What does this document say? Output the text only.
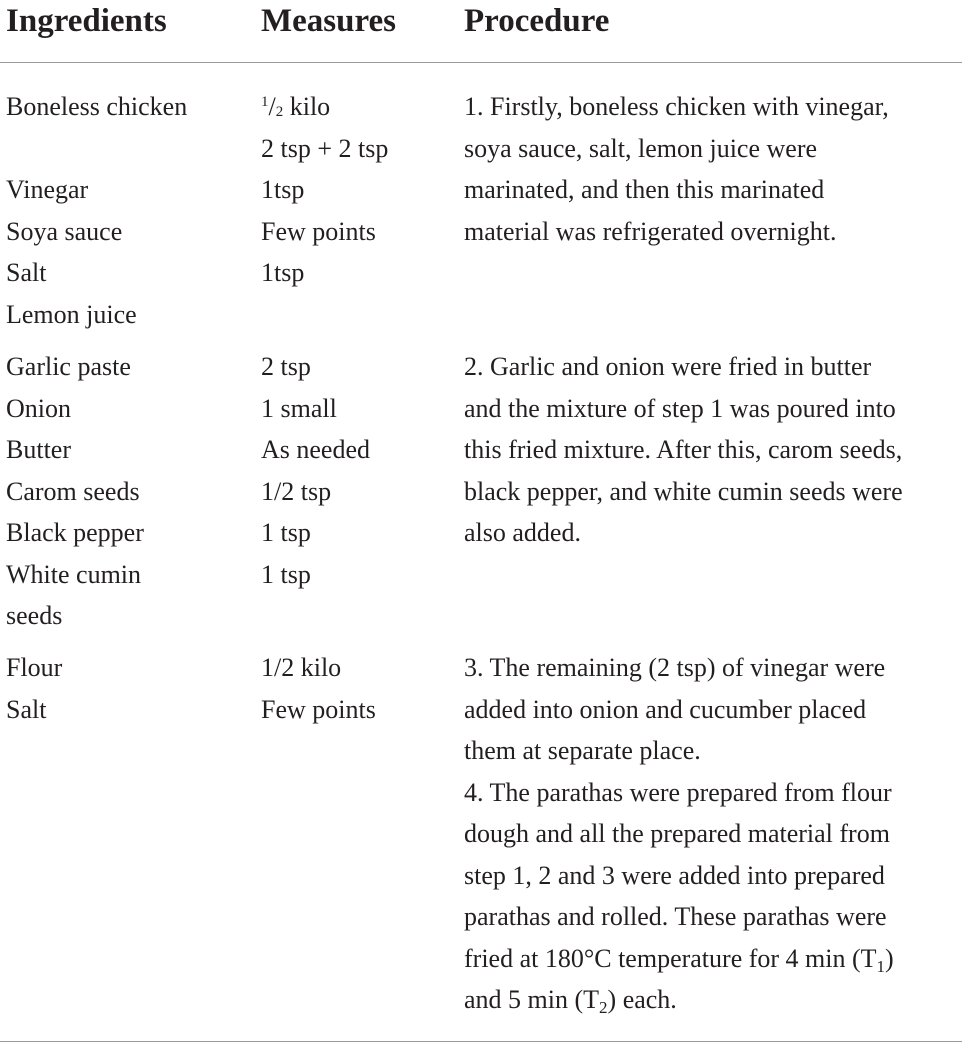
Ingredients	Measures Procedure
Boneless chicken

Vinegar
Soya sauce
Salt
Lemon juice
$^1$/2 kilo
2 tsp + 2 tsp
1tsp
Few points
1tsp
1. Firstly, boneless chicken with vinegar,
soya sauce, salt, lemon juice were
marinated, and then this marinated
material was refrigerated overnight.
Garlic paste
Onion
Butter
Carom seeds
Black pepper
White cumin
seeds
2 tsp
1 small
As needed
1/2 tsp
1 tsp
1 tsp
2. Garlic and onion were fried in butter
and the mixture of step 1 was poured into
this fried mixture. After this, carom seeds,
black pepper, and white cumin seeds were
also added.
Flour
Salt
1/2 kilo
Few points
3. The remaining (2 tsp) of vinegar were
added into onion and cucumber placed
them at separate place.
4. The parathas were prepared from flour
dough and all the prepared material from
step 1, 2 and 3 were added into prepared
parathas and rolled. These parathas were
fried at 180°C temperature for 4 min (T1)
and 5 min (T2) each.
